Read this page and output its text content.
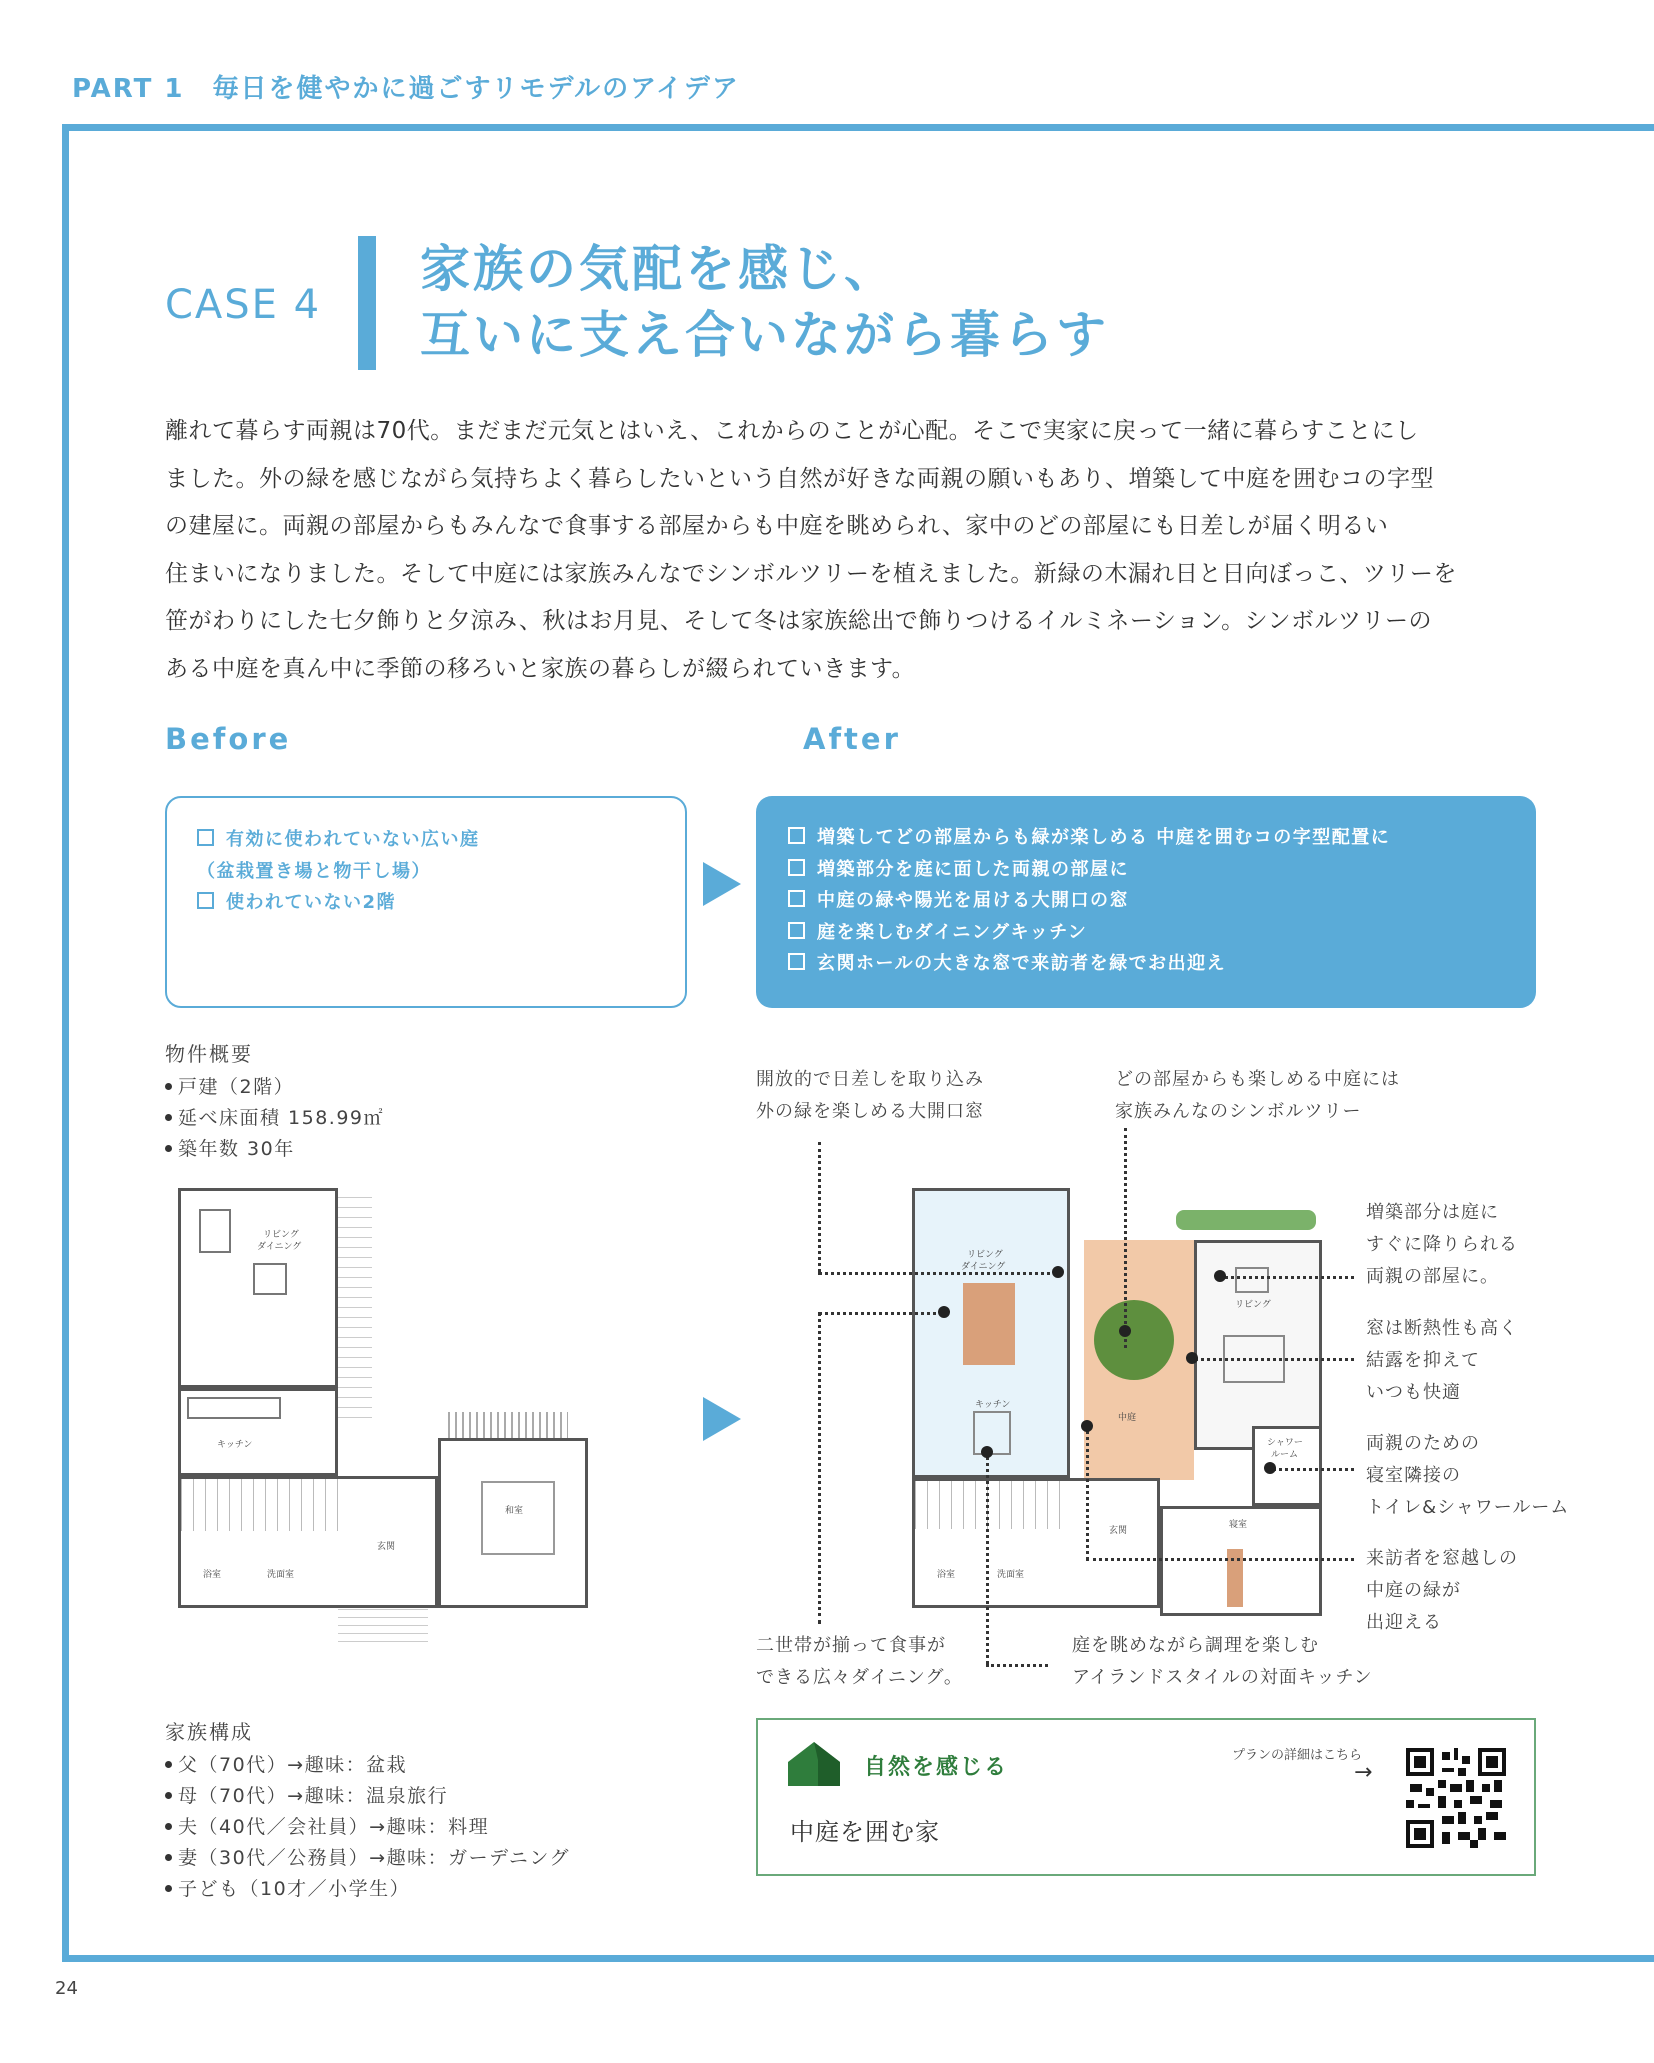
PART 1　毎日を健やかに過ごすリモデルのアイデア
CASE 4
家族の気配を感じ、
互いに支え合いながら暮らす
離れて暮らす両親は70代。まだまだ元気とはいえ、これからのことが心配。そこで実家に戻って一緒に暮らすことにし
ました。外の緑を感じながら気持ちよく暮らしたいという自然が好きな両親の願いもあり、増築して中庭を囲むコの字型
の建屋に。両親の部屋からもみんなで食事する部屋からも中庭を眺められ、家中のどの部屋にも日差しが届く明るい
住まいになりました。そして中庭には家族みんなでシンボルツリーを植えました。新緑の木漏れ日と日向ぼっこ、ツリーを
笹がわりにした七夕飾りと夕涼み、秋はお月見、そして冬は家族総出で飾りつけるイルミネーション。シンボルツリーの
ある中庭を真ん中に季節の移ろいと家族の暮らしが綴られていきます。
Before	After
有効に使われていない広い庭
（盆栽置き場と物干し場）
使われていない2階
増築してどの部屋からも緑が楽しめる 中庭を囲むコの字型配置に
増築部分を庭に面した両親の部屋に
中庭の緑や陽光を届ける大開口の窓
庭を楽しむダイニングキッチン
玄関ホールの大きな窓で来訪者を緑でお出迎え
物件概要
戸建（2階）
延べ床面積 158.99㎡
築年数 30年
リビング
ダイニング
キッチン
浴室	洗面室
玄関
和室
リビング
ダイニング
キッチン
中庭
リビング
シャワー
ルーム
寝室
浴室	洗面室
玄関
開放的で日差しを取り込み
外の緑を楽しめる大開口窓
どの部屋からも楽しめる中庭には
家族みんなのシンボルツリー
増築部分は庭に
すぐに降りられる
両親の部屋に。
窓は断熱性も高く
結露を抑えて
いつも快適
両親のための
寝室隣接の
トイレ&シャワールーム
来訪者を窓越しの
中庭の緑が
出迎える
二世帯が揃って食事が
できる広々ダイニング。
庭を眺めながら調理を楽しむ
アイランドスタイルの対面キッチン
家族構成
父（70代）→趣味：盆栽
母（70代）→趣味：温泉旅行
夫（40代／会社員）→趣味：料理
妻（30代／公務員）→趣味：ガーデニング
子ども（10才／小学生）
自然を感じる
中庭を囲む家
プランの詳細はこちら
→
24
